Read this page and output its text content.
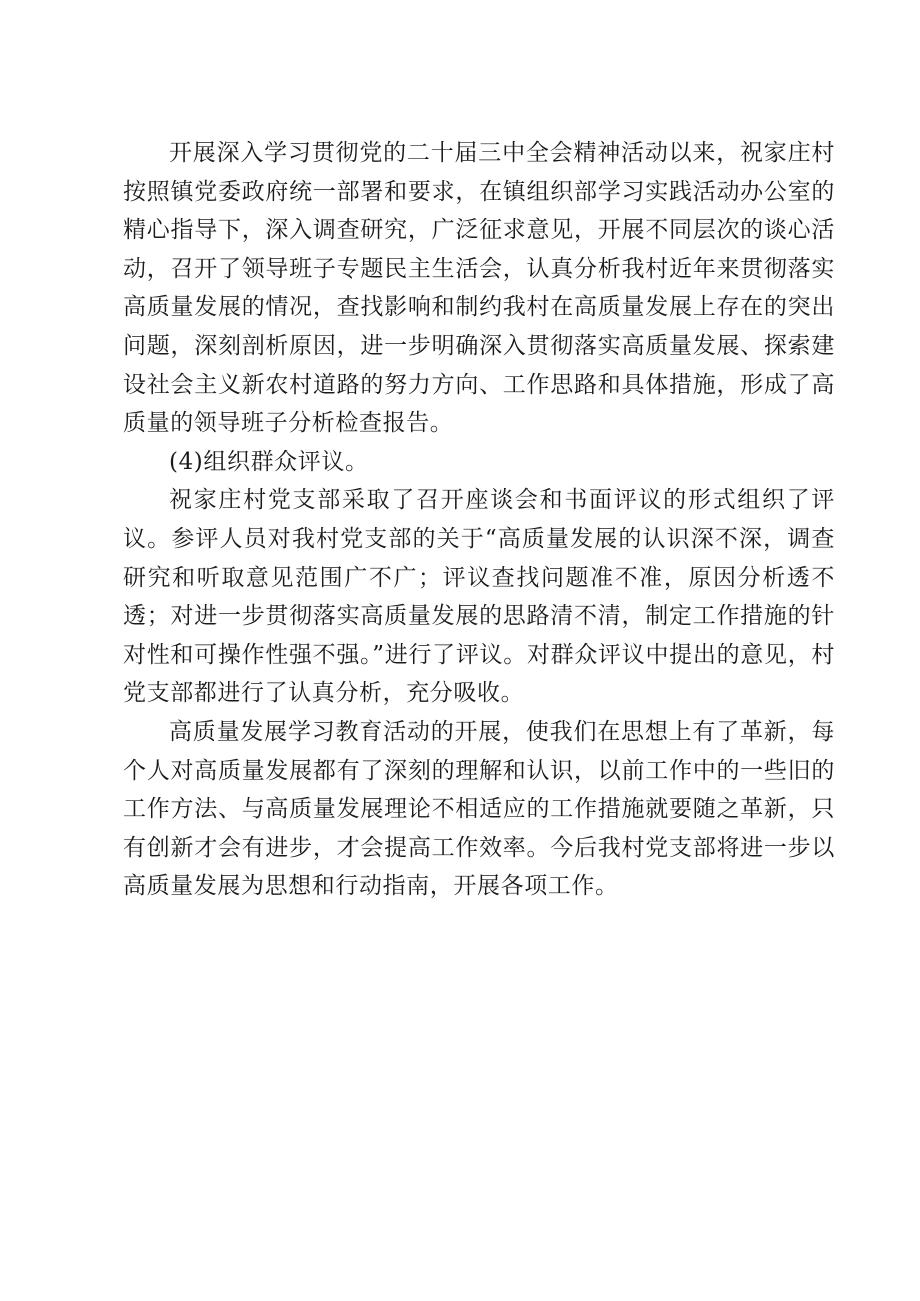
开展深入学习贯彻党的二十届三中全会精神活动以来，祝家庄村按照镇党委政府统一部署和要求，在镇组织部学习实践活动办公室的精心指导下，深入调查研究，广泛征求意见，开展不同层次的谈心活动，召开了领导班子专题民主生活会，认真分析我村近年来贯彻落实高质量发展的情况，查找影响和制约我村在高质量发展上存在的突出问题，深刻剖析原因，进一步明确深入贯彻落实高质量发展、探索建设社会主义新农村道路的努力方向、工作思路和具体措施，形成了高质量的领导班子分析检查报告。

(4)组织群众评议。

祝家庄村党支部采取了召开座谈会和书面评议的形式组织了评议。参评人员对我村党支部的关于“高质量发展的认识深不深，调查研究和听取意见范围广不广；评议查找问题准不准，原因分析透不透；对进一步贯彻落实高质量发展的思路清不清，制定工作措施的针对性和可操作性强不强。”进行了评议。对群众评议中提出的意见，村党支部都进行了认真分析，充分吸收。

高质量发展学习教育活动的开展，使我们在思想上有了革新，每个人对高质量发展都有了深刻的理解和认识，以前工作中的一些旧的工作方法、与高质量发展理论不相适应的工作措施就要随之革新，只有创新才会有进步，才会提高工作效率。今后我村党支部将进一步以高质量发展为思想和行动指南，开展各项工作。
